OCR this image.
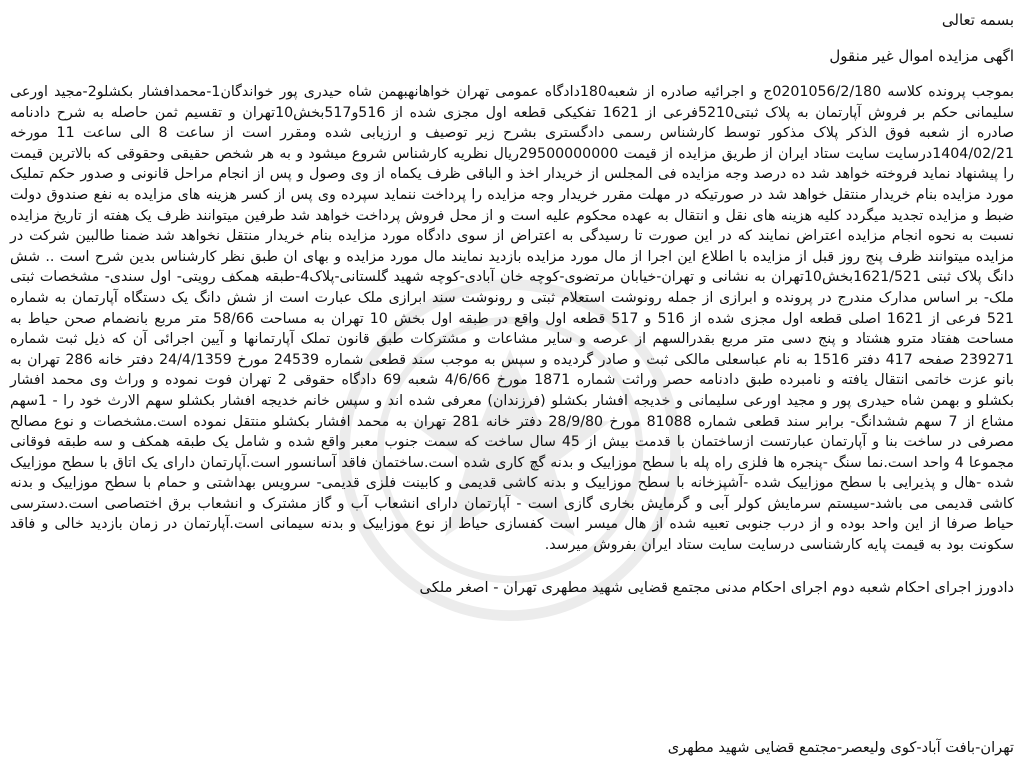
بسمه تعالی
اگهی مزایده اموال غیر منقول
بموجب پرونده کلاسه 0201056/2/180ج و اجرائیه صادره از شعبه180دادگاه عمومی تهران خواهانهبهمن شاه حیدری پور خواندگان1-محمدافشار بکشلو2-مجید اورعی سلیمانی حکم بر فروش آپارتمان به پلاک ثبتی5210فرعی از 1621 تفکیکی قطعه اول مجزی شده از 516و517بخش10تهران و تقسیم ثمن حاصله به شرح دادنامه صادره از شعبه فوق الذکر پلاک مذکور توسط کارشناس رسمی دادگستری بشرح زیر توصیف و ارزیابی شده ومقرر است از ساعت 8 الی ساعت 11 مورخه 1404/02/21درسایت سایت ستاد ایران از طریق مزایده از قیمت 29500000000ریال نظریه کارشناس شروع میشود و به هر شخص حقیقی وحقوقی که بالاترین قیمت را پیشنهاد نماید فروخته خواهد شد ده درصد وجه مزایده فی المجلس از خریدار اخذ و الباقی ظرف یکماه از وی وصول و پس از انجام مراحل قانونی و صدور حکم تملیک مورد مزایده بنام خریدار منتقل خواهد شد در صورتیکه در مهلت مقرر خریدار وجه مزایده را پرداخت ننماید سپرده وی پس از کسر هزینه های مزایده به نفع صندوق دولت ضبط و مزایده تجدید میگردد کلیه هزینه های نقل و انتقال به عهده محکوم علیه است و از محل فروش پرداخت خواهد شد طرفین میتوانند ظرف یک هفته از تاریخ مزایده نسبت به نحوه انجام مزایده اعتراض نمایند که در این صورت تا رسیدگی به اعتراض از سوی دادگاه مورد مزایده بنام خریدار منتقل نخواهد شد ضمنا طالبین شرکت در مزایده میتوانند ظرف پنج روز قبل از مزایده با اطلاع این اجرا از مال مورد مزایده بازدید نمایند مال مورد مزایده و بهای ان طبق نظر کارشناس بدین شرح است .. شش دانگ پلاک ثبتی 1621/521بخش10تهران به نشانی و تهران-خیابان مرتضوی-کوچه خان آبادی-کوچه شهید گلستانی-پلاک4-طبقه همکف رویتی- اول سندی- مشخصات ثبتی ملک- بر اساس مدارک مندرج در پرونده و ابرازی از جمله رونوشت استعلام ثبتی و رونوشت سند ابرازی ملک عبارت است از شش دانگ یک دستگاه آپارتمان به شماره 521 فرعی از 1621 اصلی قطعه اول مجزی شده از 516 و 517 قطعه اول واقع در طبقه اول بخش 10 تهران به مساحت 58/66 متر مربع بانضمام صحن حیاط به مساحت هفتاد مترو هشتاد و پنج دسی متر مربع بقدرالسهم از عرصه و سایر مشاعات و مشترکات طبق قانون تملک آپارتمانها و آیین اجرائی آن که ذیل ثبت شماره 239271 صفحه 417 دفتر 1516 به نام عباسعلی مالکی ثبت و صادر گردیده و سپس به موجب سند قطعی شماره 24539 مورخ 24/4/1359 دفتر خانه 286 تهران به بانو عزت خاتمی انتقال یافته و نامبرده طبق دادنامه حصر وراثت شماره 1871 مورخ 4/6/66 شعبه 69 دادگاه حقوقی 2 تهران فوت نموده و وراث وی محمد افشار بکشلو و بهمن شاه حیدری پور و مجید اورعی سلیمانی و خدیجه افشار بکشلو (فرزندان) معرفی شده اند و سپس خانم خدیجه افشار بکشلو سهم الارث خود را - 1سهم مشاع از 7 سهم ششدانگ- برابر سند قطعی شماره 81088 مورخ 28/9/80 دفتر خانه 281 تهران به محمد افشار بکشلو منتقل نموده است.مشخصات و نوع مصالح مصرفی در ساخت بنا و آپارتمان عبارتست ازساختمان با قدمت بیش از 45 سال ساخت که سمت جنوب معبر واقع شده و شامل یک طبقه همکف و سه طبقه فوقانی مجموعا 4 واحد است.نما سنگ -پنجره ها فلزی راه پله با سطح موزاییک و بدنه گچ کاری شده است.ساختمان فاقد آسانسور است.آپارتمان دارای یک اتاق با سطح موزاییک شده -هال و پذیرایی با سطح موزاییک شده -آشپزخانه با سطح موزاییک و بدنه کاشی قدیمی و کابینت فلزی قدیمی- سرویس بهداشتی و حمام با سطح موزاییک و بدنه کاشی قدیمی می باشد-سیستم سرمایش کولر آبی و گرمایش بخاری گازی است - آپارتمان دارای انشعاب آب و گاز مشترک و انشعاب برق اختصاصی است.دسترسی حیاط صرفا از این واحد بوده و از درب جنوبی تعبیه شده از هال میسر است کفسازی حیاط از نوع موزاییک و بدنه سیمانی است.آپارتمان در زمان بازدید خالی و فاقد سکونت بود به قیمت پایه کارشناسی درسایت سایت ستاد ایران بفروش میرسد.
دادورز اجرای احکام شعبه دوم اجرای احکام مدنی مجتمع قضایی شهید مطهری تهران - اصغر ملکی
تهران-بافت آباد-کوی ولیعصر-مجتمع قضایی شهید مطهری
